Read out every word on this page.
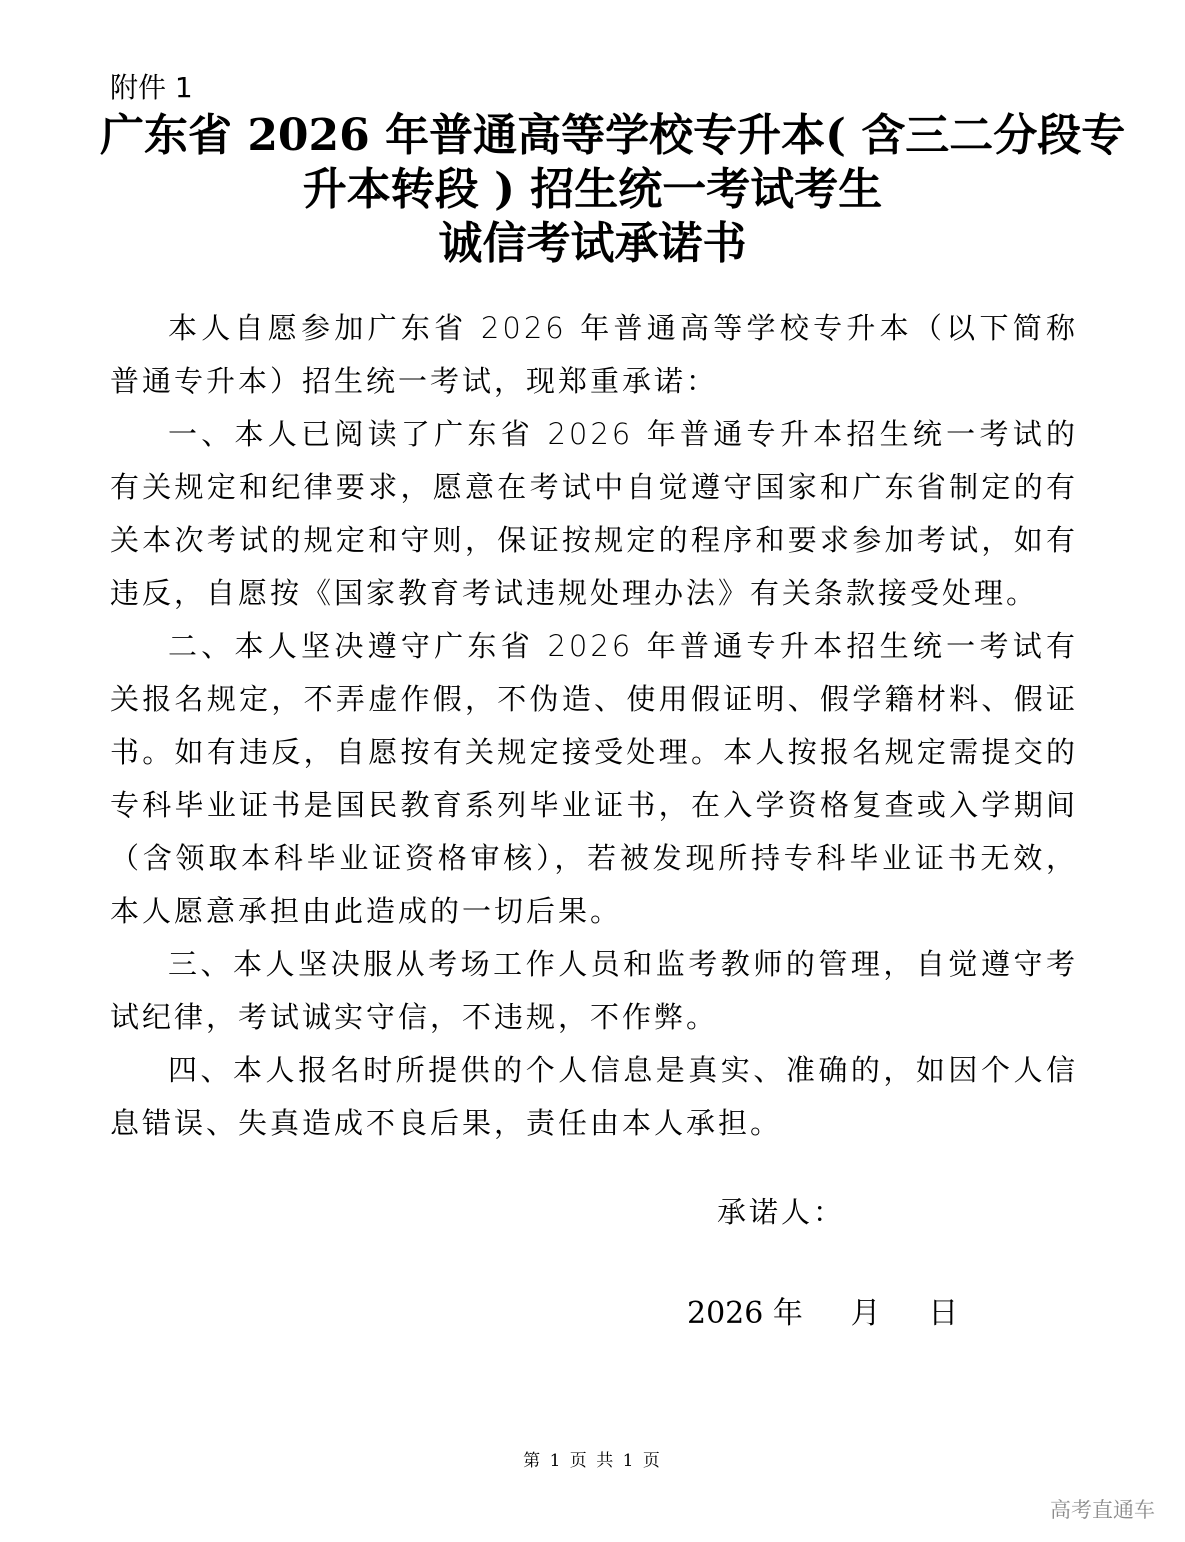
附件 1
广东省 2026 年普通高等学校专升本( 含三二分段专
升本转段 ) 招生统一考试考生
诚信考试承诺书

本人自愿参加广东省 2026 年普通高等学校专升本（以下简称普通专升本）招生统一考试，现郑重承诺：

一、本人已阅读了广东省 2026 年普通专升本招生统一考试的有关规定和纪律要求，愿意在考试中自觉遵守国家和广东省制定的有关本次考试的规定和守则，保证按规定的程序和要求参加考试，如有违反，自愿按《国家教育考试违规处理办法》有关条款接受处理。

二、本人坚决遵守广东省 2026 年普通专升本招生统一考试有关报名规定，不弄虚作假，不伪造、使用假证明、假学籍材料、假证书。如有违反，自愿按有关规定接受处理。本人按报名规定需提交的专科毕业证书是国民教育系列毕业证书，在入学资格复查或入学期间（含领取本科毕业证资格审核），若被发现所持专科毕业证书无效，本人愿意承担由此造成的一切后果。

三、本人坚决服从考场工作人员和监考教师的管理，自觉遵守考试纪律，考试诚实守信，不违规，不作弊。

四、本人报名时所提供的个人信息是真实、准确的，如因个人信息错误、失真造成不良后果，责任由本人承担。

承诺人：
2026 年     月     日
第 1 页 共 1 页
高考直通车
